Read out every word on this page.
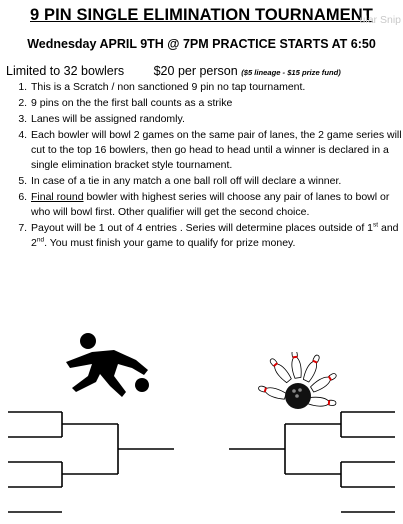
9 PIN SINGLE ELIMINATION TOURNAMENT
ular Snip
Wednesday APRIL 9TH @ 7PM PRACTICE STARTS AT 6:50
Limited to 32 bowlers $20 per person ($5 lineage - $15 prize fund)
1. This is a Scratch / non sanctioned 9 pin no tap tournament.
2. 9 pins on the the first ball counts as a strike
3. Lanes will be assigned randomly.
4. Each bowler will bowl 2 games on the same pair of lanes, the 2 game series will cut to the top 16 bowlers, then go head to head until a winner is declared in a single elimination bracket style tournament.
5. In case of a tie in any match a one ball roll off will declare a winner.
6. Final round bowler with highest series will choose any pair of lanes to bowl or who will bowl first. Other qualifier will get the second choice.
7. Payout will be 1 out of 4 entries . Series will determine places outside of 1st and 2nd. You must finish your game to qualify for prize money.
